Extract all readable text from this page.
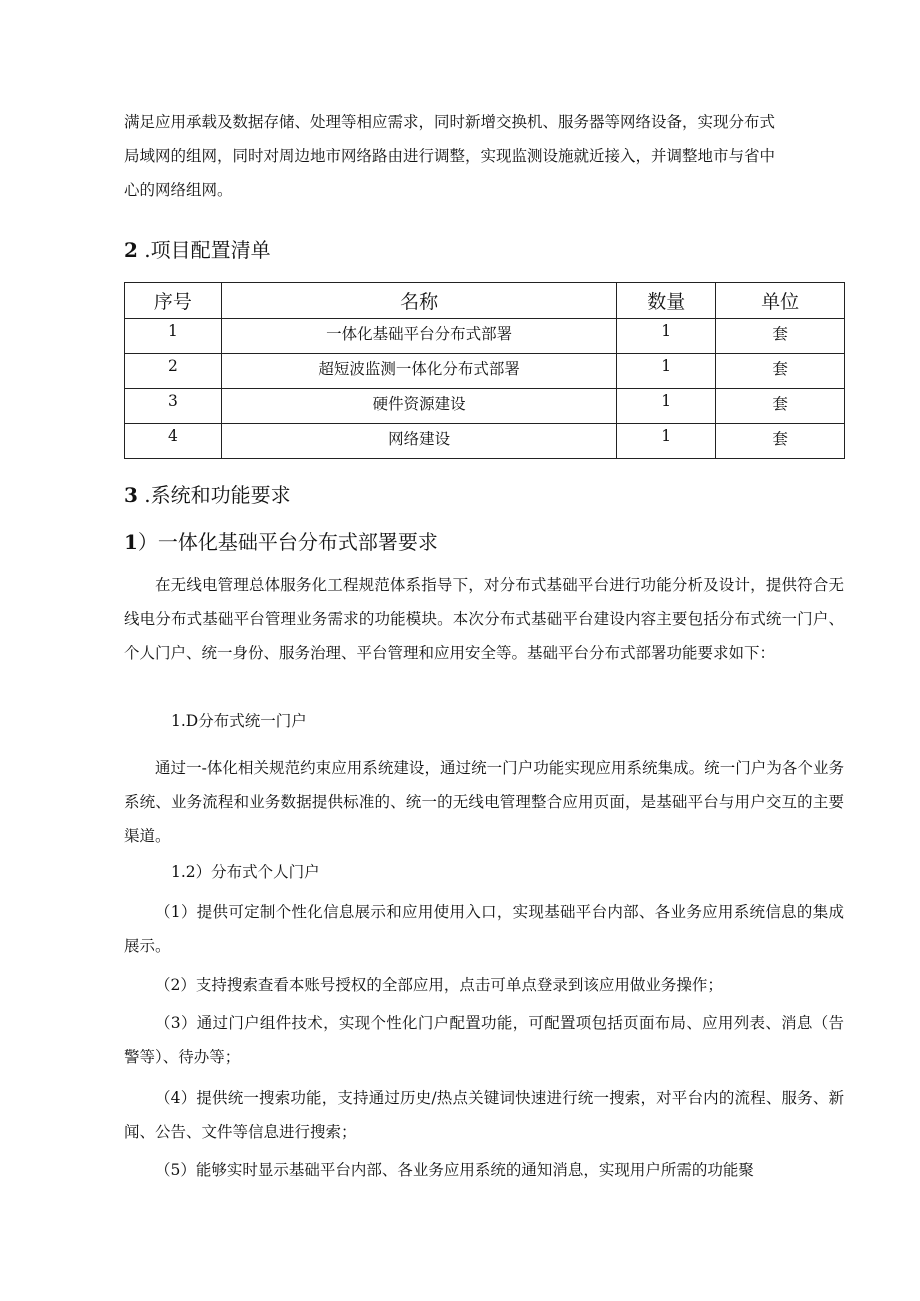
满足应用承载及数据存储、处理等相应需求，同时新增交换机、服务器等网络设备，实现分布式
局域网的组网，同时对周边地市网络路由进行调整，实现监测设施就近接入，并调整地市与省中
心的网络组网。
2 .项目配置清单
序号	名称	数量	单位
1	一体化基础平台分布式部署	1	套
2	超短波监测一体化分布式部署	1	套
3	硬件资源建设	1	套
4	网络建设	1	套
3 .系统和功能要求
1）一体化基础平台分布式部署要求

在无线电管理总体服务化工程规范体系指导下，对分布式基础平台进行功能分析及设计，提供符合无线电分布式基础平台管理业务需求的功能模块。本次分布式基础平台建设内容主要包括分布式统一门户、个人门户、统一身份、服务治理、平台管理和应用安全等。基础平台分布式部署功能要求如下：

1.D分布式统一门户

通过一-体化相关规范约束应用系统建设，通过统一门户功能实现应用系统集成。统一门户为各个业务系统、业务流程和业务数据提供标准的、统一的无线电管理整合应用页面，是基础平台与用户交互的主要渠道。

1.2）分布式个人门户

（1）提供可定制个性化信息展示和应用使用入口，实现基础平台内部、各业务应用系统信息的集成展示。

（2）支持搜索查看本账号授权的全部应用，点击可单点登录到该应用做业务操作；

（3）通过门户组件技术，实现个性化门户配置功能，可配置项包括页面布局、应用列表、消息（告警等）、待办等；

（4）提供统一搜索功能，支持通过历史/热点关键词快速进行统一搜索，对平台内的流程、服务、新闻、公告、文件等信息进行搜索；

（5）能够实时显示基础平台内部、各业务应用系统的通知消息，实现用户所需的功能聚
